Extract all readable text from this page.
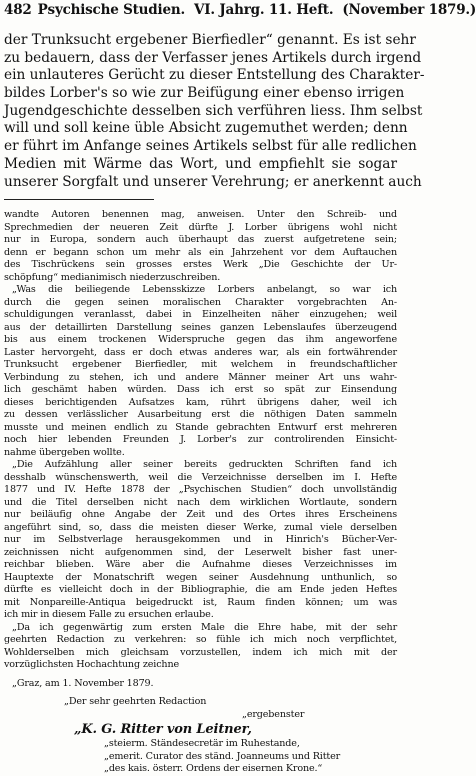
482 Psychische Studien.
VI. Jahrg.
11. Heft.
(November 1879.)
der Trunksucht ergebener Bierfiedler“ genannt. Es ist sehr
zu bedauern, dass der Verfasser jenes Artikels durch irgend
ein unlauteres Gerücht zu dieser Entstellung des Charakter-
bildes Lorber's so wie zur Beifügung einer ebenso irrigen
Jugendgeschichte desselben sich verführen liess. Ihm selbst
will und soll keine üble Absicht zugemuthet werden; denn
er führt im Anfange seines Artikels selbst für alle redlichen
Medien mit Wärme das Wort, und empfiehlt sie sogar
unserer Sorgfalt und unserer Verehrung; er anerkennt auch
wandte Autoren benennen mag, anweisen. Unter den Schreib- und
Sprechmedien der neueren Zeit dürfte J. Lorber übrigens wohl nicht
nur in Europa, sondern auch überhaupt das zuerst aufgetretene sein;
denn er begann schon um mehr als ein Jahrzehent vor dem Auftauchen
des Tischrückens sein grosses erstes Werk „Die Geschichte der Ur-
schöpfung“ medianimisch niederzuschreiben.
„Was die beiliegende Lebensskizze Lorbers anbelangt, so war ich
durch die gegen seinen moralischen Charakter vorgebrachten An-
schuldigungen veranlasst, dabei in Einzelheiten näher einzugehen; weil
aus der detaillirten Darstellung seines ganzen Lebenslaufes überzeugend
bis aus einem trockenen Widerspruche gegen das ihm angeworfene
Laster hervorgeht, dass er doch etwas anderes war, als ein fortwährender
Trunksucht ergebener Bierfiedler, mit welchem in freundschaftlicher
Verbindung zu stehen, ich und andere Männer meiner Art uns wahr-
lich geschämt haben würden. Dass ich erst so spät zur Einsendung
dieses berichtigenden Aufsatzes kam, rührt übrigens daher, weil ich
zu dessen verlässlicher Ausarbeitung erst die nöthigen Daten sammeln
musste und meinen endlich zu Stande gebrachten Entwurf erst mehreren
noch hier lebenden Freunden J. Lorber's zur controlirenden Einsicht-
nahme übergeben wollte.
„Die Aufzählung aller seiner bereits gedruckten Schriften fand ich
desshalb wünschenswerth, weil die Verzeichnisse derselben im I. Hefte
1877 und IV. Hefte 1878 der „Psychischen Studien“ doch unvollständig
und die Titel derselben nicht nach dem wirklichen Wortlaute, sondern
nur beiläufig ohne Angabe der Zeit und des Ortes ihres Erscheinens
angeführt sind, so, dass die meisten dieser Werke, zumal viele derselben
nur im Selbstverlage herausgekommen und in Hinrich's Bücher-Ver-
zeichnissen nicht aufgenommen sind, der Leserwelt bisher fast uner-
reichbar blieben. Wäre aber die Aufnahme dieses Verzeichnisses im
Hauptexte der Monatschrift wegen seiner Ausdehnung unthunlich, so
dürfte es vielleicht doch in der Bibliographie, die am Ende jeden Heftes
mit Nonpareille-Antiqua beigedruckt ist, Raum finden können; um was
ich mir in diesem Falle zu ersuchen erlaube.
„Da ich gegenwärtig zum ersten Male die Ehre habe, mit der sehr
geehrten Redaction zu verkehren: so fühle ich mich noch verpflichtet,
Wohlderselben mich gleichsam vorzustellen, indem ich mich mit der
vorzüglichsten Hochachtung zeichne
„Graz, am 1. November 1879.
„Der sehr geehrten Redaction
„ergebenster
„K. G. Ritter von Leitner,
„steierm. Ständesecretär im Ruhestande,
„emerit. Curator des ständ. Joanneums und Ritter
„des kais. österr. Ordens der eisernen Krone.“
